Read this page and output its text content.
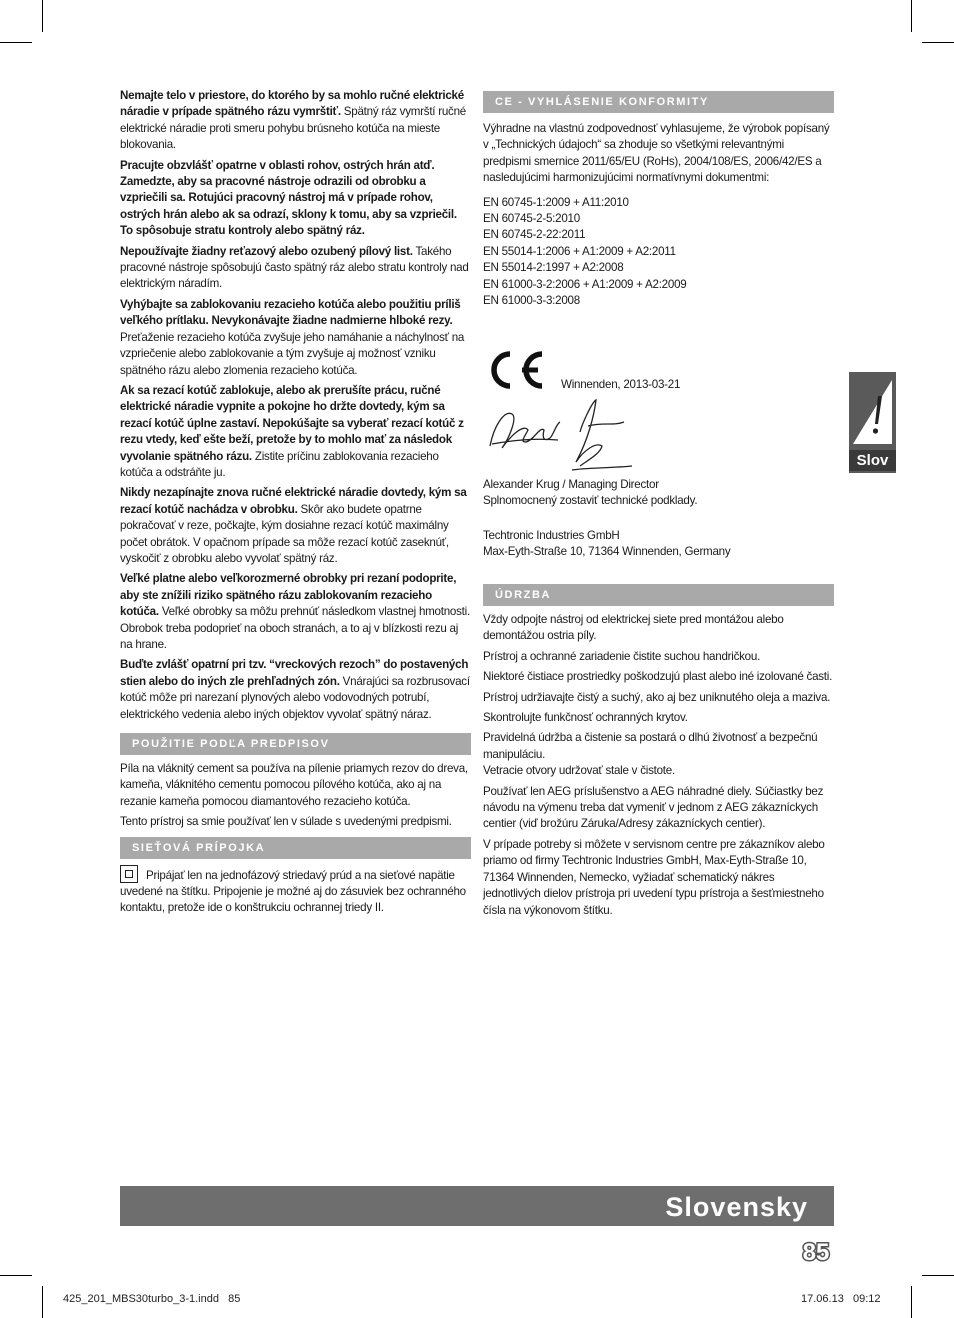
Nemajte telo v priestore, do ktorého by sa mohlo ručné elektrické náradie v prípade spätného rázu vymrštiť. Spätný ráz vymrští ručné elektrické náradie proti smeru pohybu brúsneho kotúča na mieste blokovania.

Pracujte obzvlášť opatrne v oblasti rohov, ostrých hrán atď. Zamedzte, aby sa pracovné nástroje odrazili od obrobku a vzpriečili sa. Rotujúci pracovný nástroj má v prípade rohov, ostrých hrán alebo ak sa odrazí, sklony k tomu, aby sa vzpriečil. To spôsobuje stratu kontroly alebo spätný ráz.

Nepoužívajte žiadny reťazový alebo ozubený pílový list. Takého pracovné nástroje spôsobujú často spätný ráz alebo stratu kontroly nad elektrickým náradím.

Vyhýbajte sa zablokovaniu rezacieho kotúča alebo použitiu príliš veľkého prítlaku. Nevykonávajte žiadne nadmierne hlboké rezy. Preťaženie rezacieho kotúča zvyšuje jeho namáhanie a náchylnosť na vzpriečenie alebo zablokovanie a tým zvyšuje aj možnosť vzniku spätného rázu alebo zlomenia rezacieho kotúča.

Ak sa rezací kotúč zablokuje, alebo ak prerušíte prácu, ručné elektrické náradie vypnite a pokojne ho držte dovtedy, kým sa rezací kotúč úplne zastaví. Nepokúšajte sa vyberať rezací kotúč z rezu vtedy, keď ešte beží, pretože by to mohlo mať za následok vyvolanie spätného rázu. Zistite príčinu zablokovania rezacieho kotúča a odstráňte ju.

Nikdy nezapínajte znova ručné elektrické náradie dovtedy, kým sa rezací kotúč nachádza v obrobku. Skôr ako budete opatrne pokračovať v reze, počkajte, kým dosiahne rezací kotúč maximálny počet obrátok. V opačnom prípade sa môže rezací kotúč zaseknúť, vyskočiť z obrobku alebo vyvolať spätný ráz.

Veľké platne alebo veľkorozmerné obrobky pri rezaní podoprite, aby ste znížili riziko spätného rázu zablokovaním rezacieho kotúča. Veľké obrobky sa môžu prehnúť následkom vlastnej hmotnosti. Obrobok treba podoprieť na oboch stranách, a to aj v blízkosti rezu aj na hrane.

Buďte zvlášť opatrní pri tzv. “vreckových rezoch” do postavených stien alebo do iných zle prehľadných zón. Vnárajúci sa rozbrusovací kotúč môže pri narezaní plynových alebo vodovodných potrubí, elektrického vedenia alebo iných objektov vyvolať spätný náraz.

POUŽITIE PODĽA PREDPISOV

Píla na vláknitý cement sa používa na pílenie priamych rezov do dreva, kameňa, vláknitého cementu pomocou pílového kotúča, ako aj na rezanie kameňa pomocou diamantového rezacieho kotúča.

Tento prístroj sa smie používať len v súlade s uvedenými predpismi.

SIEŤOVÁ PRÍPOJKA

Pripájať len na jednofázový striedavý prúd a na sieťové napätie uvedené na štítku. Pripojenie je možné aj do zásuviek bez ochranného kontaktu, pretože ide o konštrukciu ochrannej triedy II.

CE - VYHLÁSENIE KONFORMITY

Výhradne na vlastnú zodpovednosť vyhlasujeme, že výrobok popísaný v „Technických údajoch“ sa zhoduje so všetkými relevantnými predpismi smernice 2011/65/EU (RoHs), 2004/108/ES, 2006/42/ES a nasledujúcimi harmonizujúcimi normatívnymi dokumentmi:

EN 60745-1:2009 + A11:2010
EN 60745-2-5:2010
EN 60745-2-22:2011
EN 55014-1:2006 + A1:2009 + A2:2011
EN 55014-2:1997 + A2:2008
EN 61000-3-2:2006 + A1:2009 + A2:2009
EN 61000-3-3:2008
Winnenden, 2013-03-21
Alexander Krug / Managing Director
Splnomocnený zostaviť technické podklady.
Techtronic Industries GmbH
Max-Eyth-Straße 10, 71364 Winnenden, Germany
ÚDRZBA

Vždy odpojte nástroj od elektrickej siete pred montážou alebo demontážou ostria píly.

Prístroj a ochranné zariadenie čistite suchou handričkou.

Niektoré čistiace prostriedky poškodzujú plast alebo iné izolované časti.

Prístroj udržiavajte čistý a suchý, ako aj bez uniknutého oleja a maziva.

Skontrolujte funkčnosť ochranných krytov.

Pravidelná údržba a čistenie sa postará o dlhú životnosť a bezpečnú manipuláciu.

Vetracie otvory udržovať stale v čistote.

Používať len AEG príslušenstvo a AEG náhradné diely. Súčiastky bez návodu na výmenu treba dat vymeniť v jednom z AEG zákazníckych centier (viď brožúru Záruka/Adresy zákazníckych centier).

V prípade potreby si môžete v servisnom centre pre zákazníkov alebo priamo od firmy Techtronic Industries GmbH, Max-Eyth-Straße 10, 71364 Winnenden, Nemecko, vyžiadať schematický nákres jednotlivých dielov prístroja pri uvedení typu prístroja a šesťmiestneho čísla na výkonovom štítku.

Slov
Slovensky
85
425_201_MBS30turbo_3-1.indd   85	17.06.13   09:12
